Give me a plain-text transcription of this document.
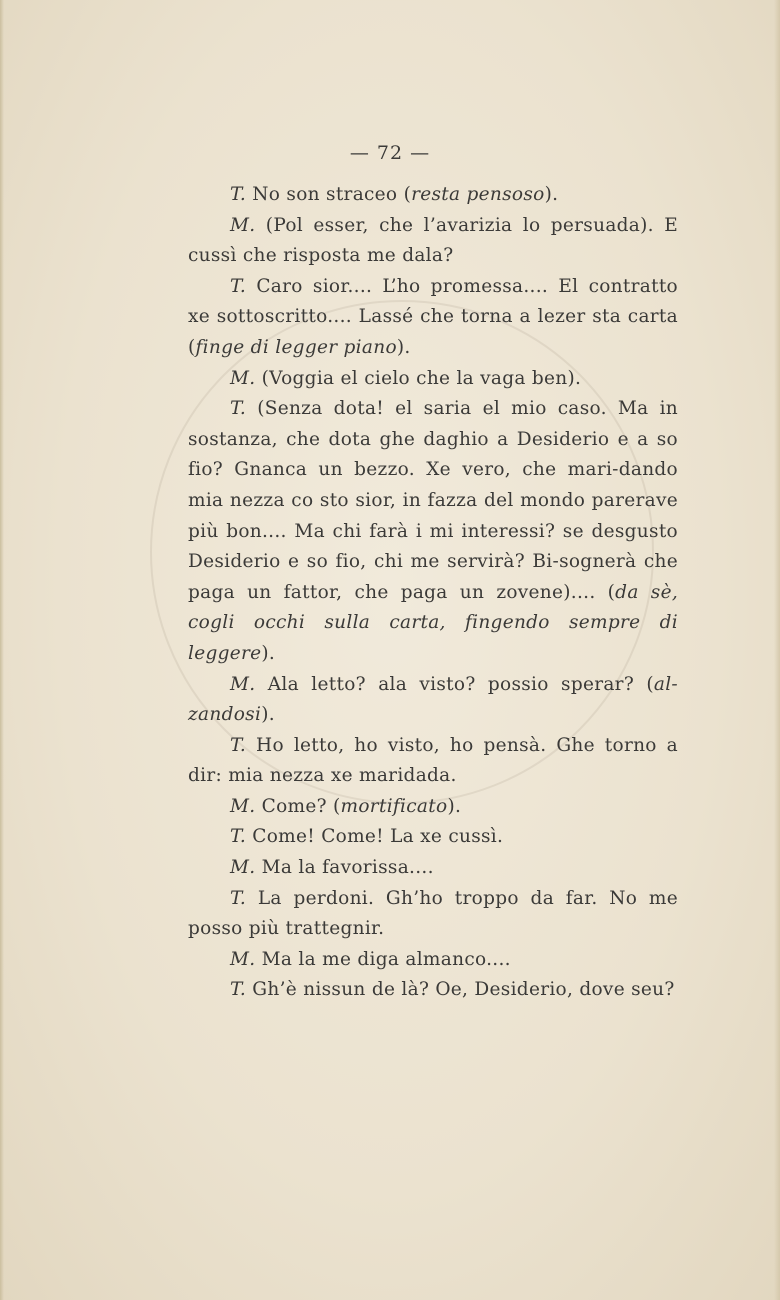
— 72 —

T. No son straceo (resta pensoso).

M. (Pol esser, che l’avarizia lo persuada). E cussì che risposta me dala?

T. Caro sior.... L’ho promessa.... El contratto xe sottoscritto.... Lassé che torna a lezer sta carta (finge di legger piano).

M. (Voggia el cielo che la vaga ben).

T. (Senza dota! el saria el mio caso. Ma in sostanza, che dota ghe daghio a Desiderio e a so fio? Gnanca un bezzo. Xe vero, che mari-dando mia nezza co sto sior, in fazza del mondo parerave più bon.... Ma chi farà i mi interessi? se desgusto Desiderio e so fio, chi me servirà? Bi-sognerà che paga un fattor, che paga un zovene).... (da sè, cogli occhi sulla carta, fingendo sempre di leggere).

M. Ala letto? ala visto? possio sperar? (al-zandosi).

T. Ho letto, ho visto, ho pensà. Ghe torno a dir: mia nezza xe maridada.

M. Come? (mortificato).

T. Come! Come! La xe cussì.

M. Ma la favorissa....

T. La perdoni. Gh’ho troppo da far. No me posso più trattegnir.

M. Ma la me diga almanco....

T. Gh’è nissun de là? Oe, Desiderio, dove seu?
